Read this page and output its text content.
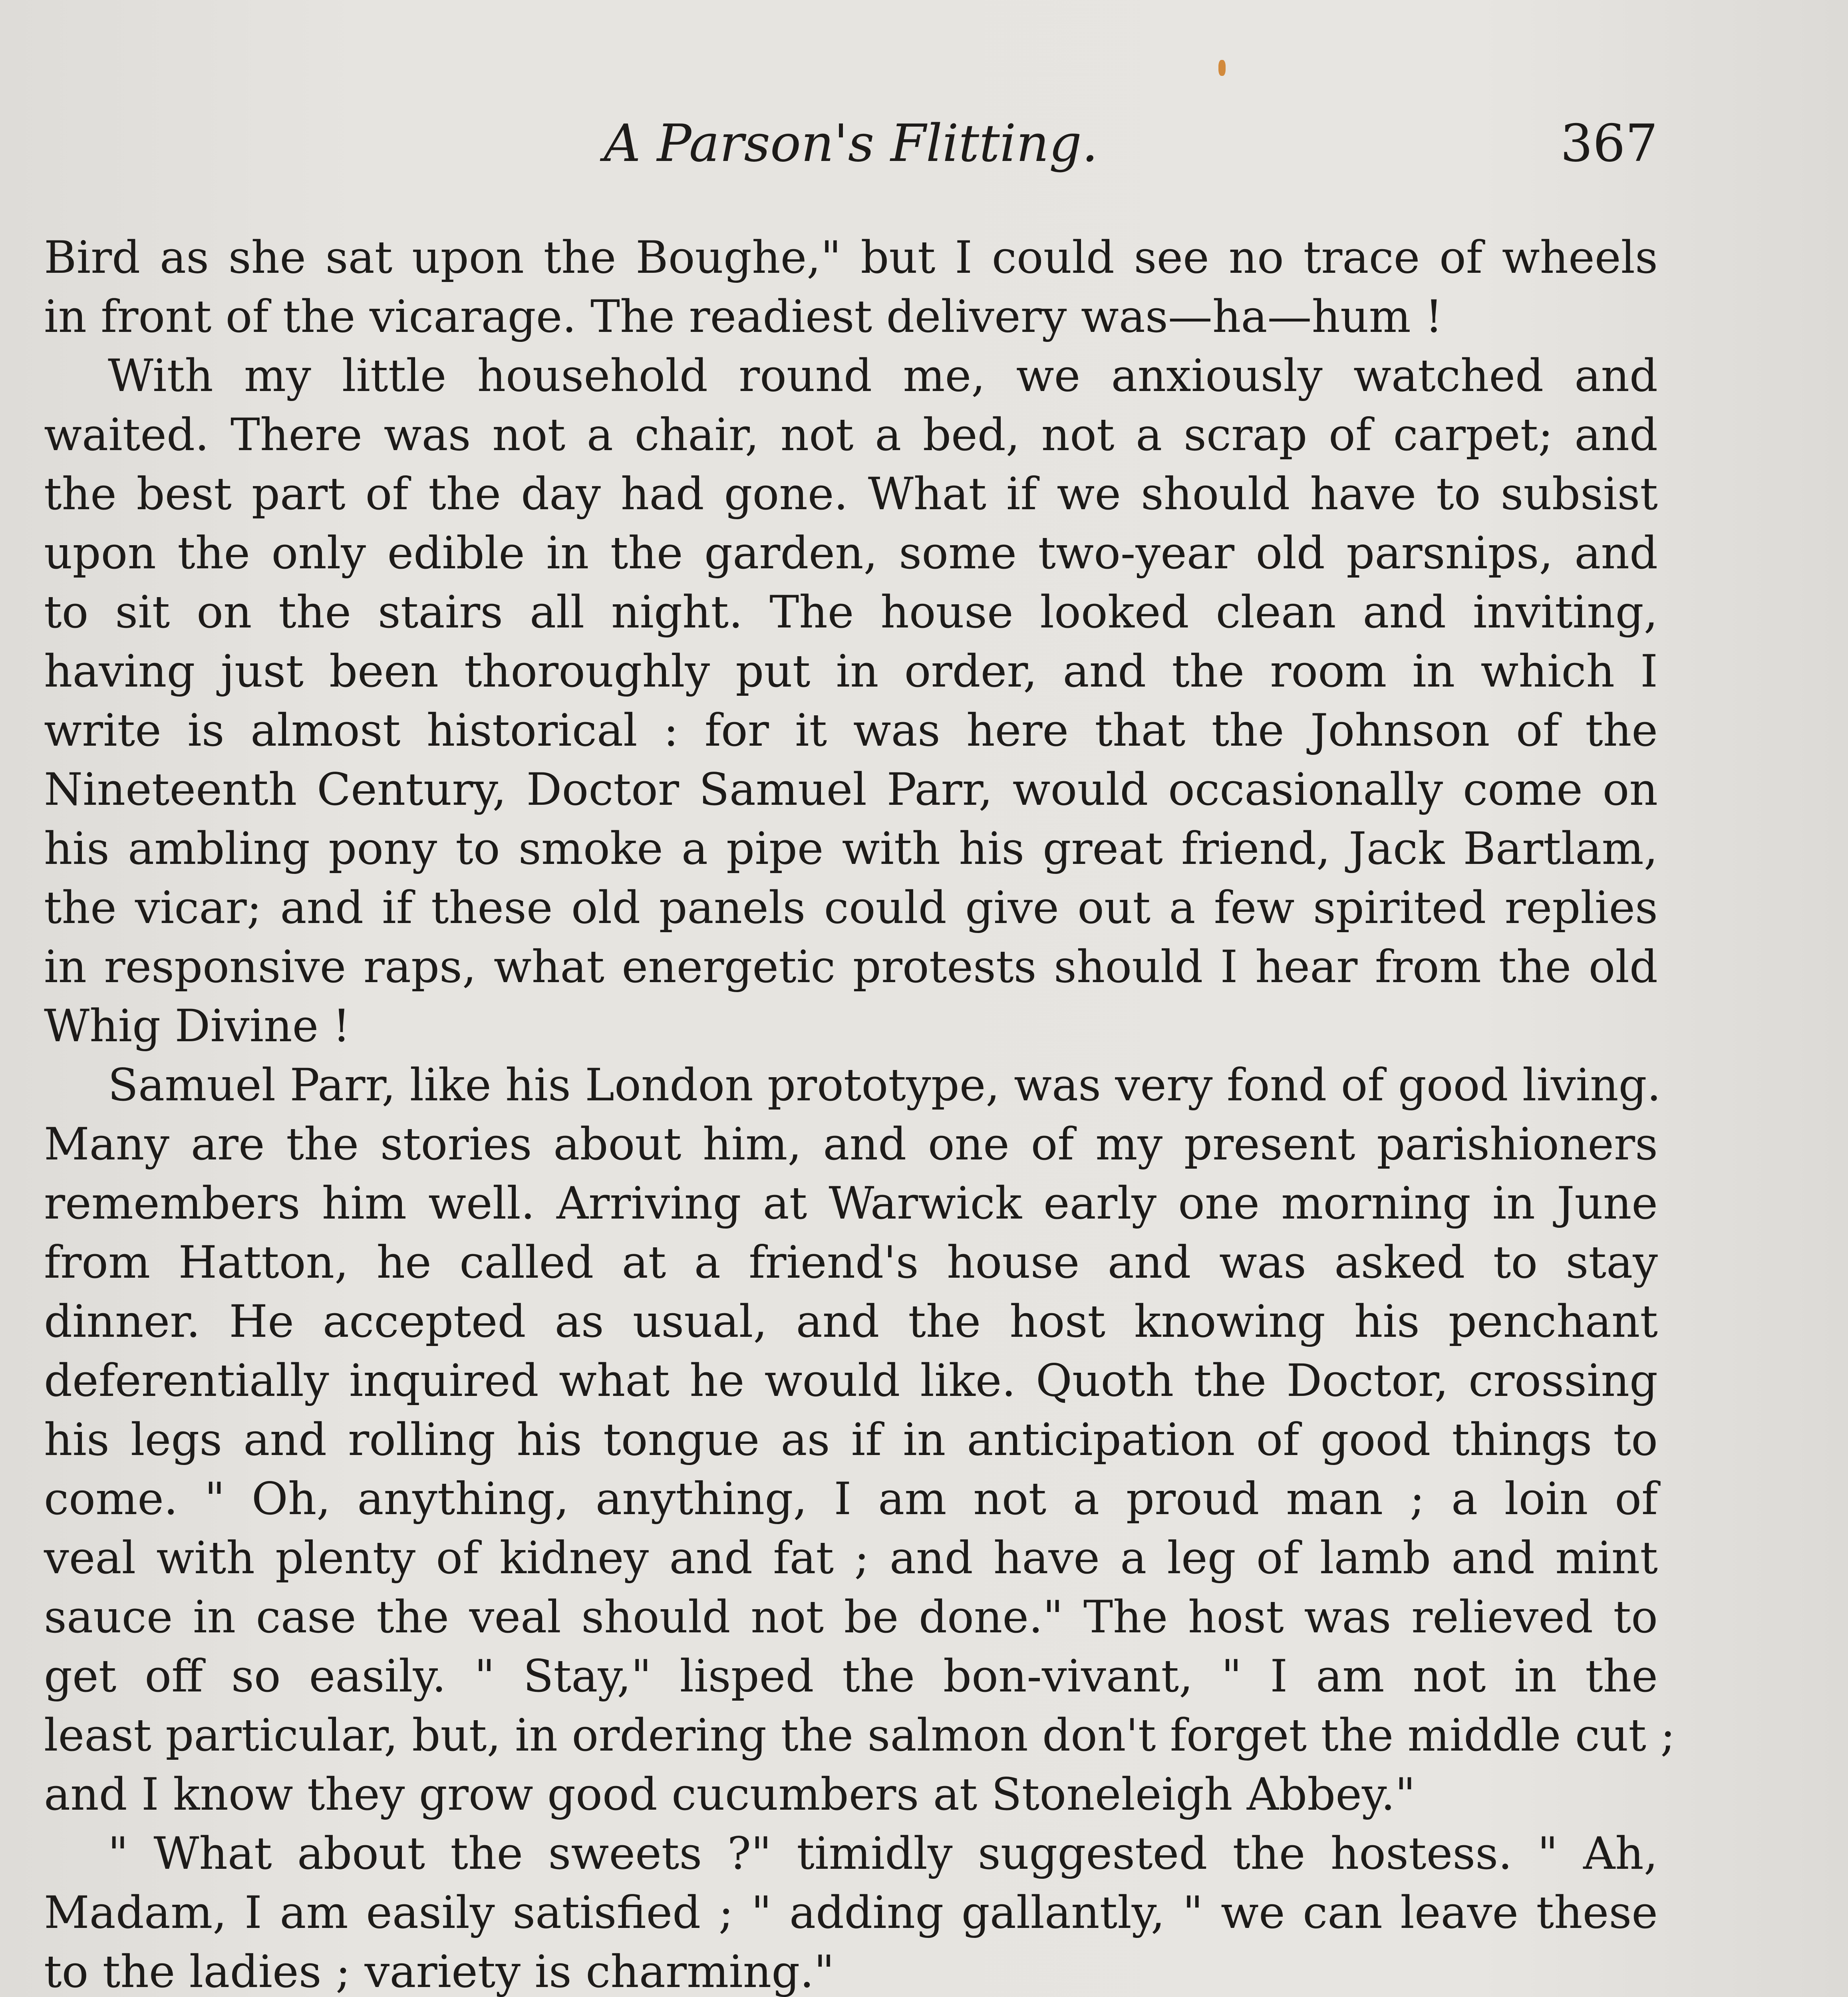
A Parson's Flitting.	367
Bird as she sat upon the Boughe," but I could see no trace of wheels
in front of the vicarage. The readiest delivery was—ha—hum !
With my little household round me, we anxiously watched and
waited. There was not a chair, not a bed, not a scrap of carpet; and
the best part of the day had gone. What if we should have to subsist
upon the only edible in the garden, some two-year old parsnips, and
to sit on the stairs all night. The house looked clean and inviting,
having just been thoroughly put in order, and the room in which I
write is almost historical : for it was here that the Johnson of the
Nineteenth Century, Doctor Samuel Parr, would occasionally come on
his ambling pony to smoke a pipe with his great friend, Jack Bartlam,
the vicar; and if these old panels could give out a few spirited replies
in responsive raps, what energetic protests should I hear from the old
Whig Divine !
Samuel Parr, like his London prototype, was very fond of good living.
Many are the stories about him, and one of my present parishioners
remembers him well. Arriving at Warwick early one morning in June
from Hatton, he called at a friend's house and was asked to stay
dinner. He accepted as usual, and the host knowing his penchant
deferentially inquired what he would like. Quoth the Doctor, crossing
his legs and rolling his tongue as if in anticipation of good things to
come. " Oh, anything, anything, I am not a proud man ; a loin of
veal with plenty of kidney and fat ; and have a leg of lamb and mint
sauce in case the veal should not be done." The host was relieved to
get off so easily. " Stay," lisped the bon-vivant, " I am not in the
least particular, but, in ordering the salmon don't forget the middle cut ;
and I know they grow good cucumbers at Stoneleigh Abbey."
" What about the sweets ?" timidly suggested the hostess. " Ah,
Madam, I am easily satisfied ; " adding gallantly, " we can leave these
to the ladies ; variety is charming."
